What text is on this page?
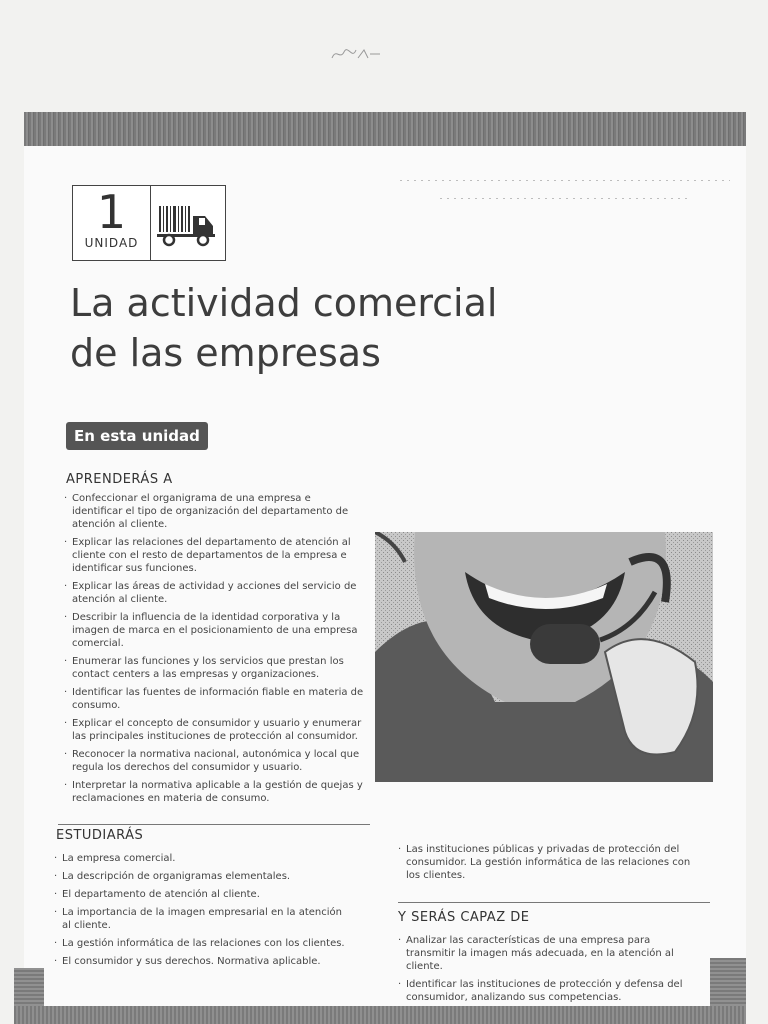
1
UNIDAD
La actividad comercial
de las empresas
En esta unidad
APRENDERÁS A
· Confeccionar el organigrama de una empresa e identificar el tipo de organización del departamento de atención al cliente.
· Explicar las relaciones del departamento de atención al cliente con el resto de departamentos de la empresa e identificar sus funciones.
· Explicar las áreas de actividad y acciones del servicio de atención al cliente.
· Describir la influencia de la identidad corporativa y la imagen de marca en el posicionamiento de una empresa comercial.
· Enumerar las funciones y los servicios que prestan los contact centers a las empresas y organizaciones.
· Identificar las fuentes de información fiable en materia de consumo.
· Explicar el concepto de consumidor y usuario y enumerar las principales instituciones de protección al consumidor.
· Reconocer la normativa nacional, autonómica y local que regula los derechos del consumidor y usuario.
· Interpretar la normativa aplicable a la gestión de quejas y reclamaciones en materia de consumo.
ESTUDIARÁS
· La empresa comercial.
· La descripción de organigramas elementales.
· El departamento de atención al cliente.
· La importancia de la imagen empresarial en la atención al cliente.
· La gestión informática de las relaciones con los clientes.
· El consumidor y sus derechos. Normativa aplicable.
· Las instituciones públicas y privadas de protección del consumidor. La gestión informática de las relaciones con los clientes.
Y SERÁS CAPAZ DE
· Analizar las características de una empresa para transmitir la imagen más adecuada, en la atención al cliente.
· Identificar las instituciones de protección y defensa del consumidor, analizando sus competencias.
